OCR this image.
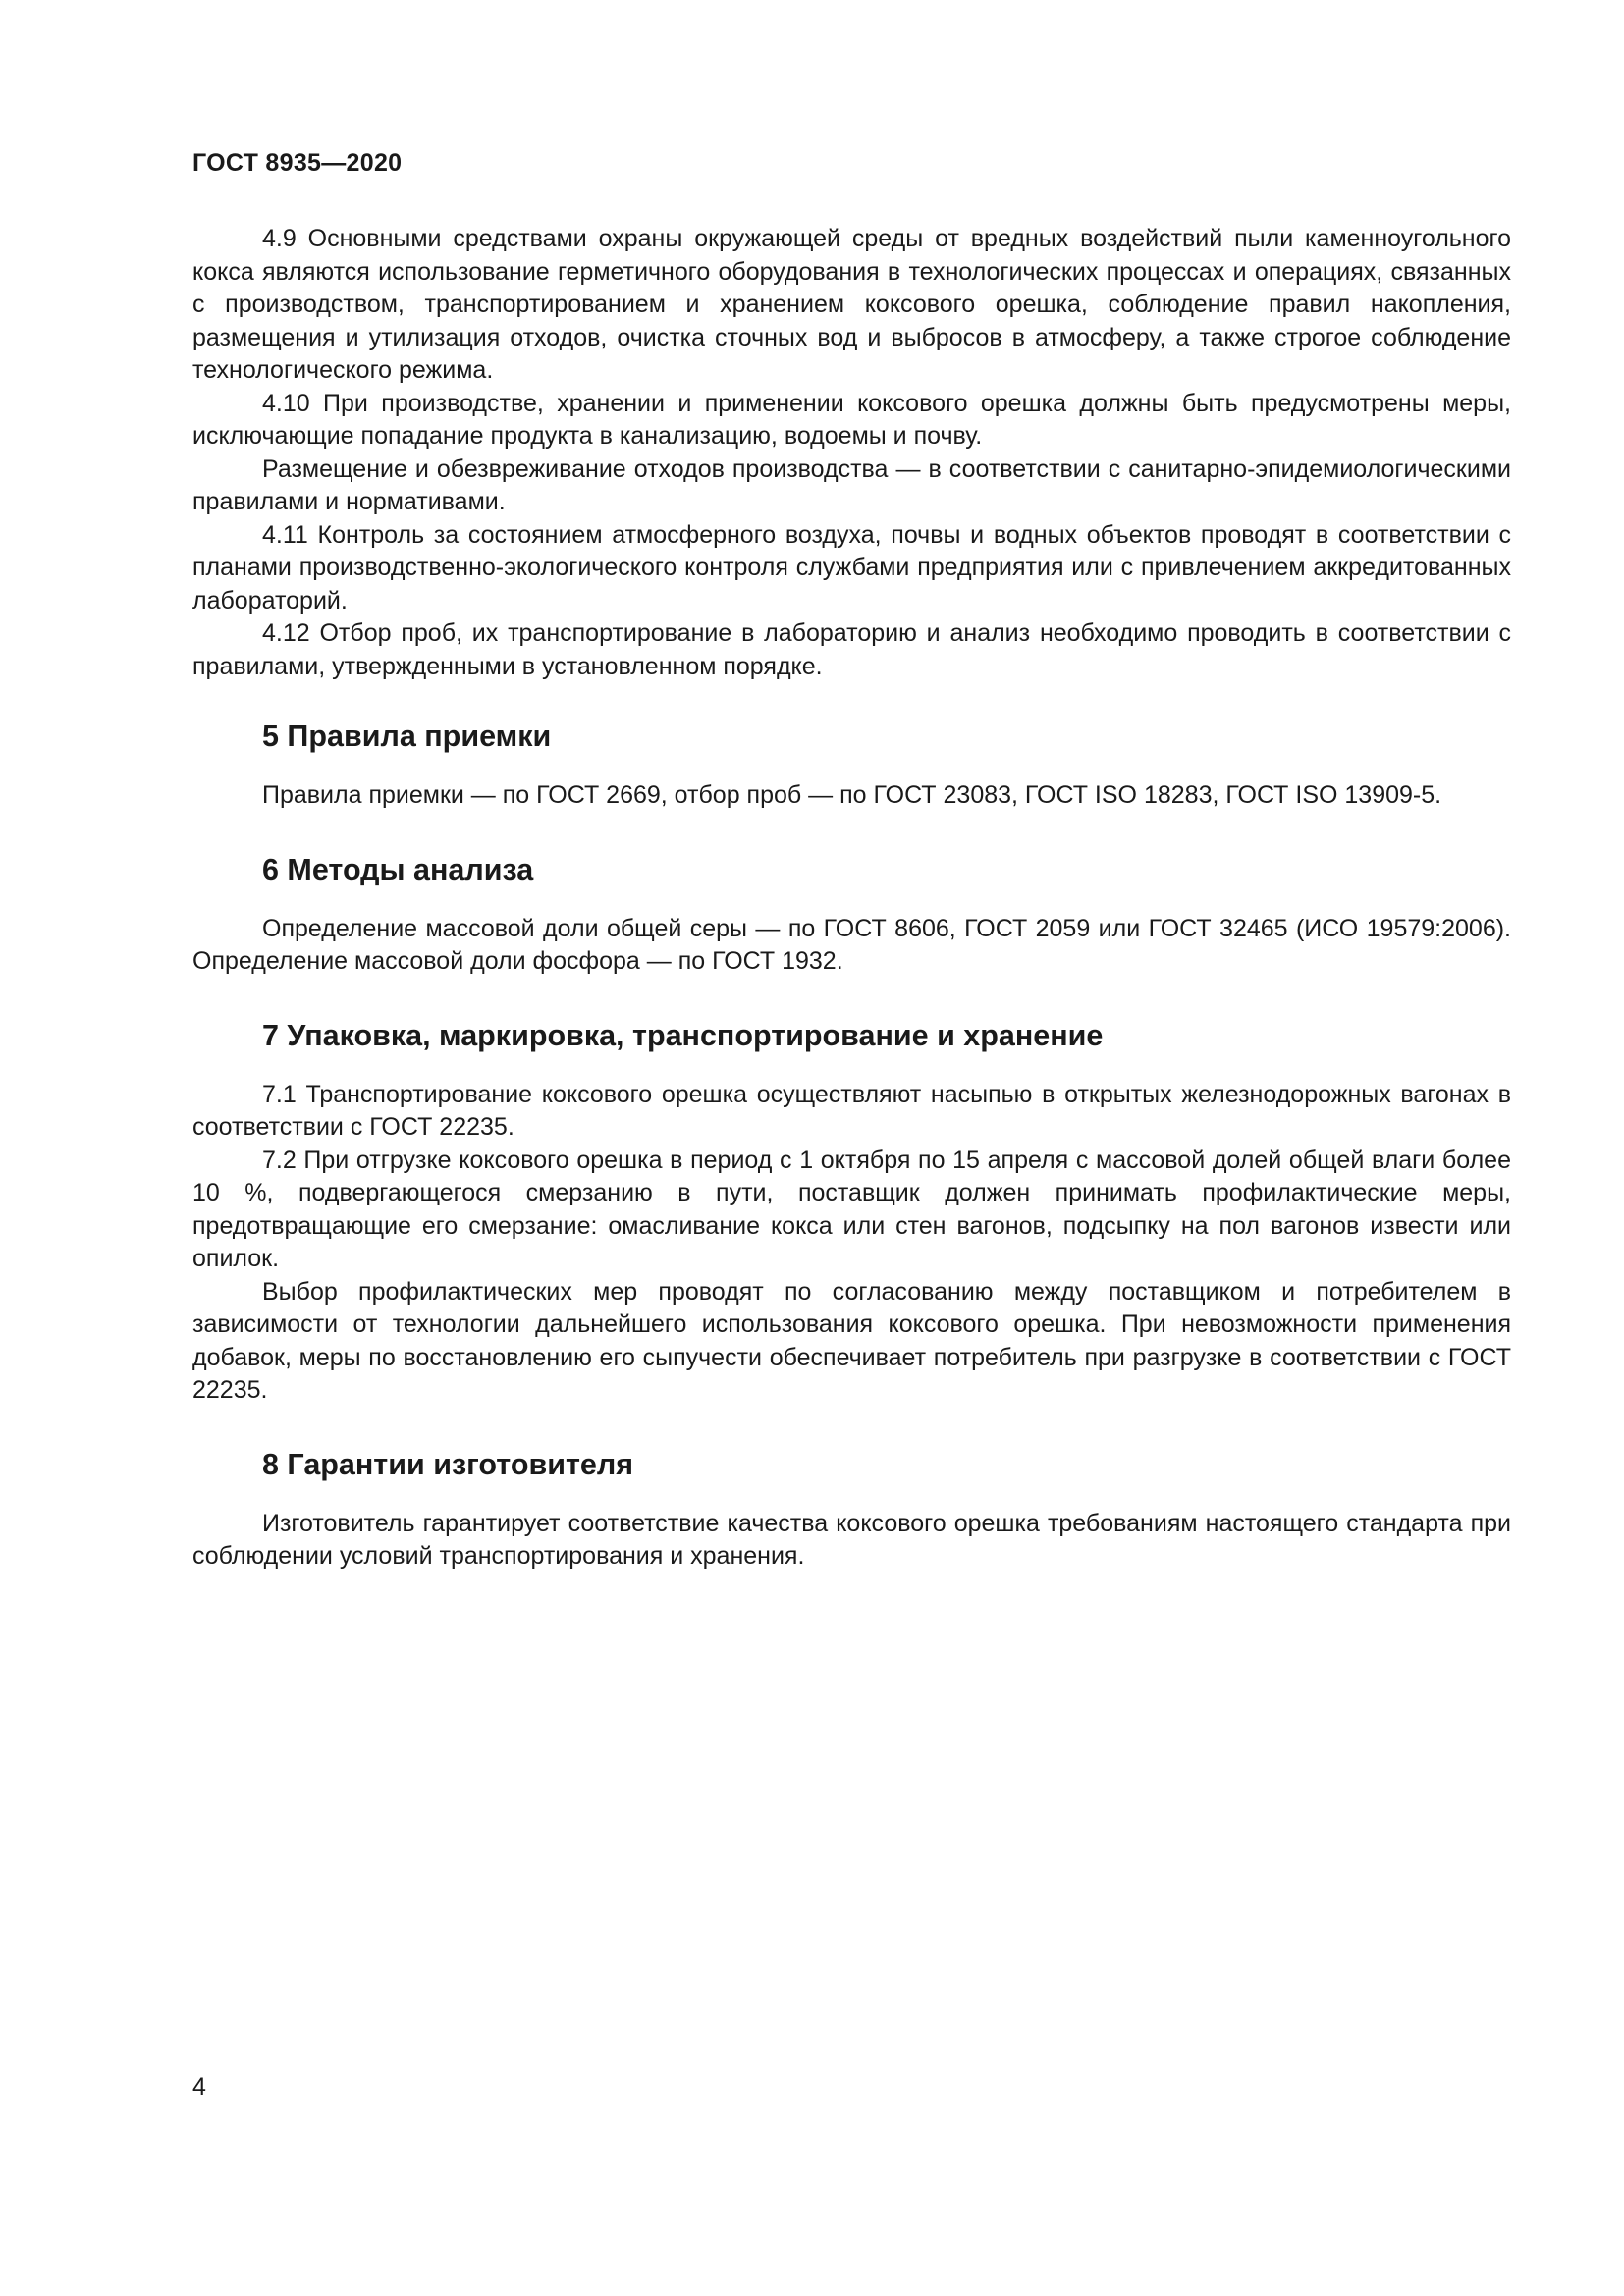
ГОСТ 8935—2020

4.9 Основными средствами охраны окружающей среды от вредных воздействий пыли каменноугольного кокса являются использование герметичного оборудования в технологических процессах и операциях, связанных с производством, транспортированием и хранением коксового орешка, соблюдение правил накопления, размещения и утилизация отходов, очистка сточных вод и выбросов в атмосферу, а также строгое соблюдение технологического режима.

4.10 При производстве, хранении и применении коксового орешка должны быть предусмотрены меры, исключающие попадание продукта в канализацию, водоемы и почву.

Размещение и обезвреживание отходов производства — в соответствии с санитарно-эпидемиологическими правилами и нормативами.

4.11 Контроль за состоянием атмосферного воздуха, почвы и водных объектов проводят в соответствии с планами производственно-экологического контроля службами предприятия или с привлечением аккредитованных лабораторий.

4.12 Отбор проб, их транспортирование в лабораторию и анализ необходимо проводить в соответствии с правилами, утвержденными в установленном порядке.

5 Правила приемки

Правила приемки — по ГОСТ 2669, отбор проб — по ГОСТ 23083, ГОСТ ISO 18283, ГОСТ ISO 13909-5.

6 Методы анализа

Определение массовой доли общей серы — по ГОСТ 8606, ГОСТ 2059 или ГОСТ 32465 (ИСО 19579:2006). Определение массовой доли фосфора — по ГОСТ 1932.

7 Упаковка, маркировка, транспортирование и хранение

7.1 Транспортирование коксового орешка осуществляют насыпью в открытых железнодорожных вагонах в соответствии с ГОСТ 22235.

7.2 При отгрузке коксового орешка в период с 1 октября по 15 апреля с массовой долей общей влаги более 10 %, подвергающегося смерзанию в пути, поставщик должен принимать профилактические меры, предотвращающие его смерзание: омасливание кокса или стен вагонов, подсыпку на пол вагонов извести или опилок.

Выбор профилактических мер проводят по согласованию между поставщиком и потребителем в зависимости от технологии дальнейшего использования коксового орешка. При невозможности применения добавок, меры по восстановлению его сыпучести обеспечивает потребитель при разгрузке в соответствии с ГОСТ 22235.

8 Гарантии изготовителя

Изготовитель гарантирует соответствие качества коксового орешка требованиям настоящего стандарта при соблюдении условий транспортирования и хранения.

4
